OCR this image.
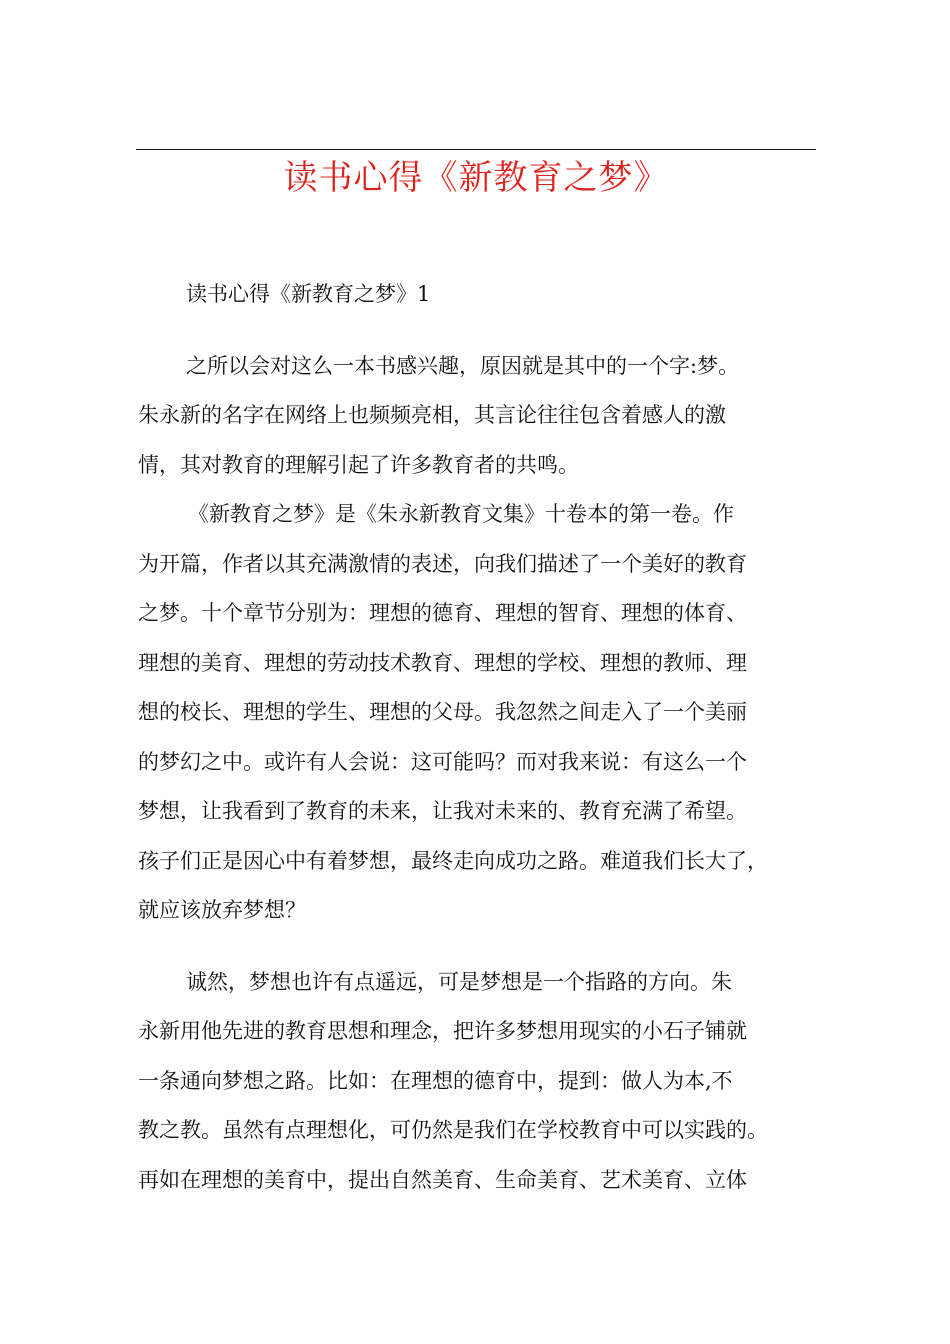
读书心得《新教育之梦》
读书心得《新教育之梦》1
之所以会对这么一本书感兴趣，原因就是其中的一个字:梦。
朱永新的名字在网络上也频频亮相，其言论往往包含着感人的激
情，其对教育的理解引起了许多教育者的共鸣。
《新教育之梦》是《朱永新教育文集》十卷本的第一卷。作
为开篇，作者以其充满激情的表述，向我们描述了一个美好的教育
之梦。十个章节分别为：理想的德育、理想的智育、理想的体育、
理想的美育、理想的劳动技术教育、理想的学校、理想的教师、理
想的校长、理想的学生、理想的父母。我忽然之间走入了一个美丽
的梦幻之中。或许有人会说：这可能吗？而对我来说：有这么一个
梦想，让我看到了教育的未来，让我对未来的、教育充满了希望。
孩子们正是因心中有着梦想，最终走向成功之路。难道我们长大了，
就应该放弃梦想？
诚然，梦想也许有点遥远，可是梦想是一个指路的方向。朱
永新用他先进的教育思想和理念，把许多梦想用现实的小石子铺就
一条通向梦想之路。比如：在理想的德育中，提到：做人为本,不
教之教。虽然有点理想化，可仍然是我们在学校教育中可以实践的。
再如在理想的美育中，提出自然美育、生命美育、艺术美育、立体
